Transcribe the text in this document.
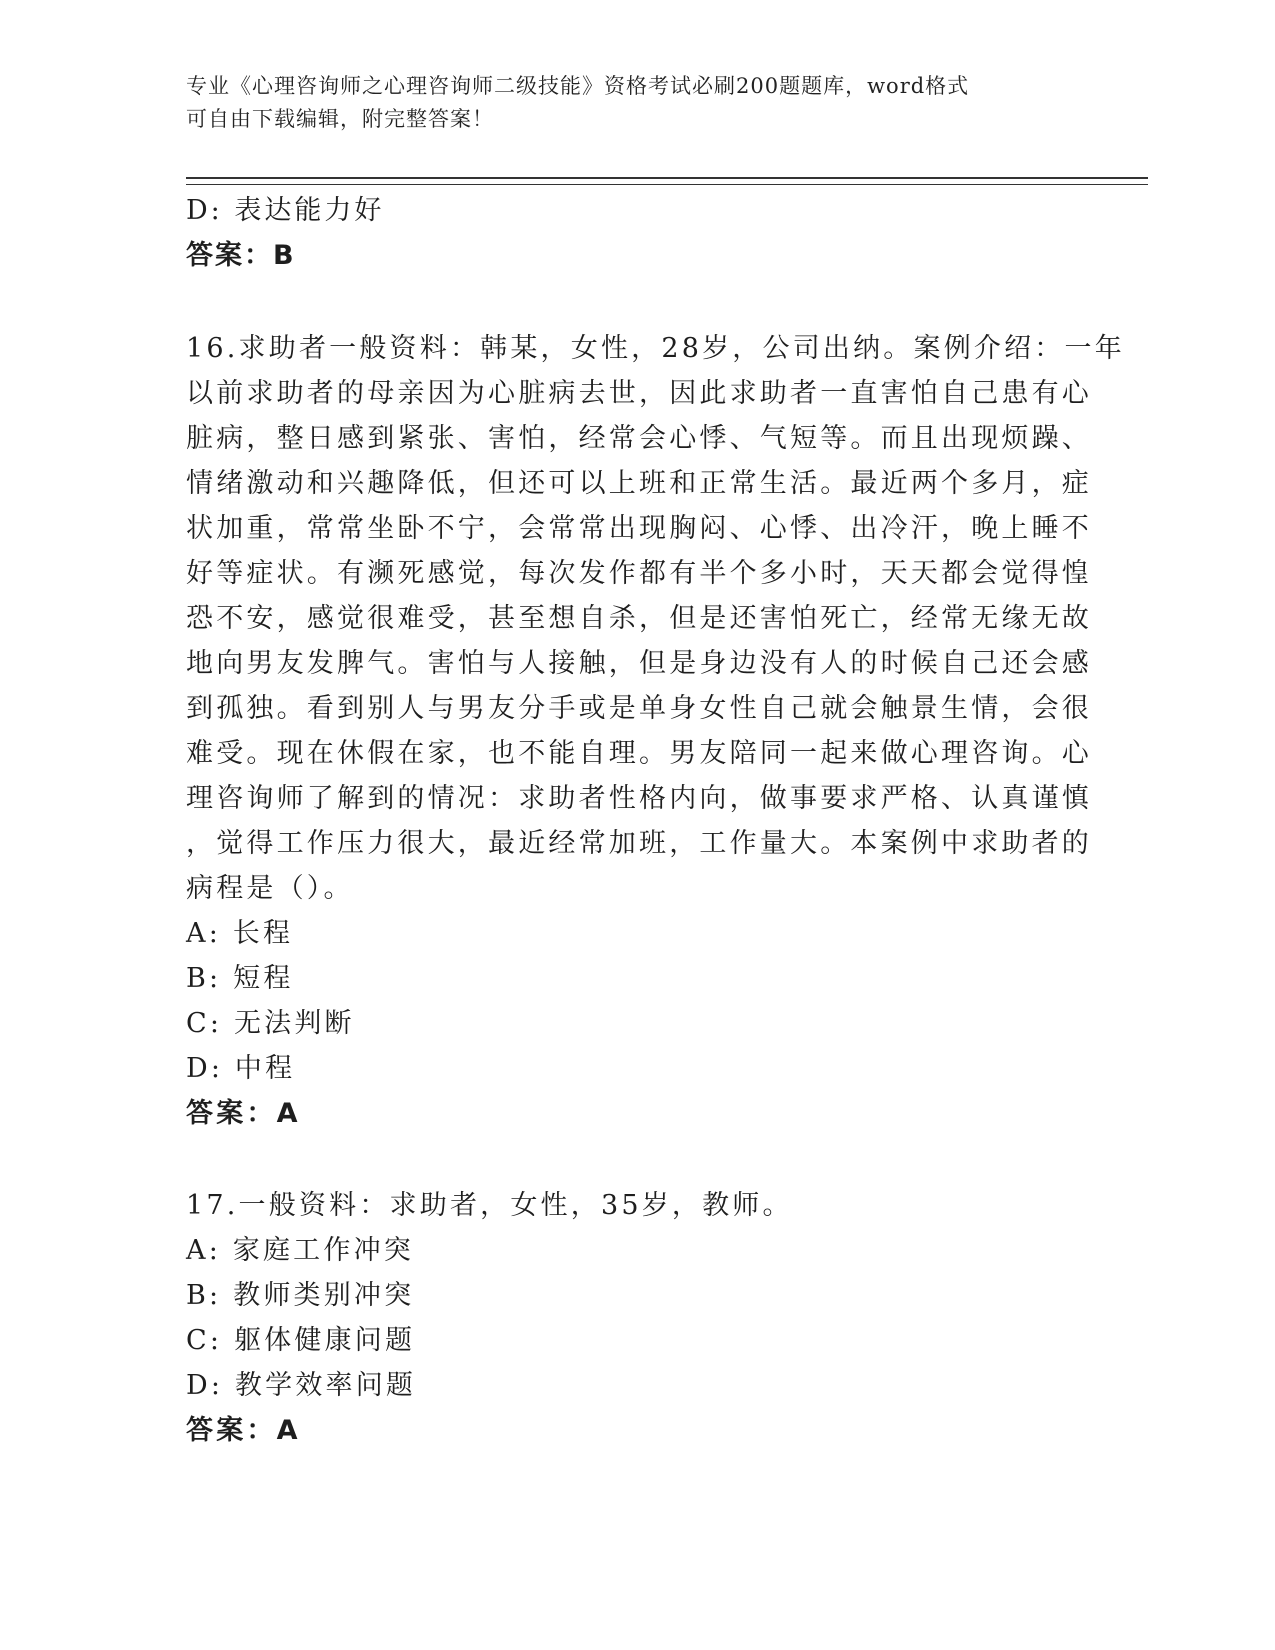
专业《心理咨询师之心理咨询师二级技能》资格考试必刷200题题库，word格式
可自由下载编辑，附完整答案！
D: 表达能力好
答案：B
16.求助者一般资料：韩某，女性，28岁，公司出纳。案例介绍：一年
以前求助者的母亲因为心脏病去世，因此求助者一直害怕自己患有心
脏病，整日感到紧张、害怕，经常会心悸、气短等。而且出现烦躁、
情绪激动和兴趣降低，但还可以上班和正常生活。最近两个多月，症
状加重，常常坐卧不宁，会常常出现胸闷、心悸、出冷汗，晚上睡不
好等症状。有濒死感觉，每次发作都有半个多小时，天天都会觉得惶
恐不安，感觉很难受，甚至想自杀，但是还害怕死亡，经常无缘无故
地向男友发脾气。害怕与人接触，但是身边没有人的时候自己还会感
到孤独。看到别人与男友分手或是单身女性自己就会触景生情，会很
难受。现在休假在家，也不能自理。男友陪同一起来做心理咨询。心
理咨询师了解到的情况：求助者性格内向，做事要求严格、认真谨慎
，觉得工作压力很大，最近经常加班，工作量大。本案例中求助者的
病程是（）。
A: 长程
B: 短程
C: 无法判断
D: 中程
答案：A
17.一般资料：求助者，女性，35岁，教师。
A: 家庭工作冲突
B: 教师类别冲突
C: 躯体健康问题
D: 教学效率问题
答案：A
